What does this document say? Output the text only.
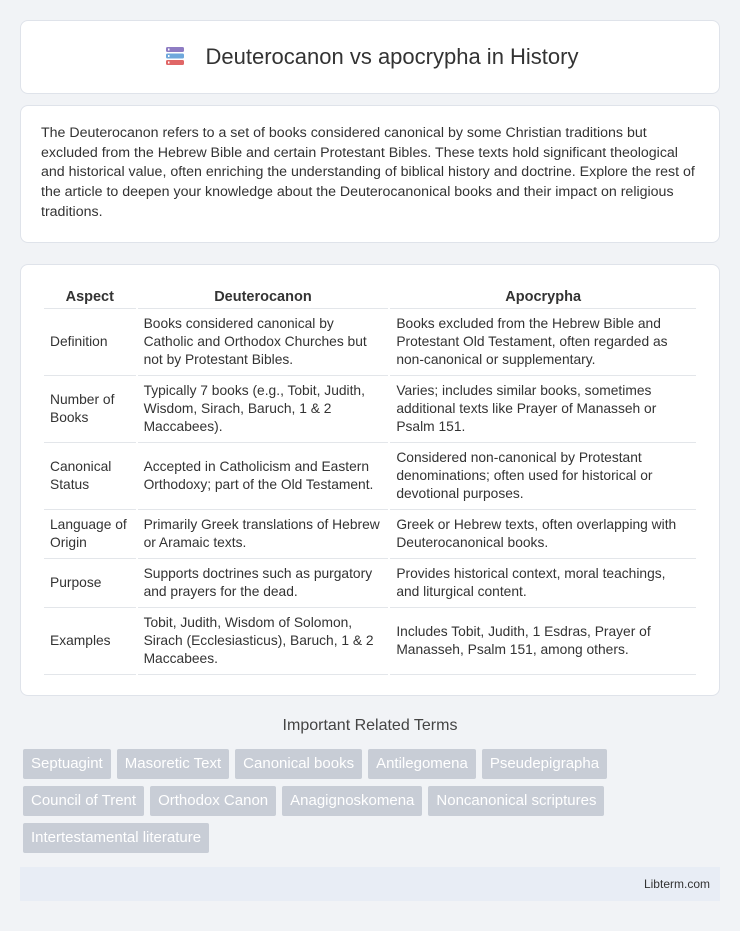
Deuterocanon vs apocrypha in History

The Deuterocanon refers to a set of books considered canonical by some Christian traditions but excluded from the Hebrew Bible and certain Protestant Bibles. These texts hold significant theological and historical value, often enriching the understanding of biblical history and doctrine. Explore the rest of the article to deepen your knowledge about the Deuterocanonical books and their impact on religious traditions.

Aspect	Deuterocanon	Apocrypha
Definition	Books considered canonical by Catholic and Orthodox Churches but not by Protestant Bibles.	Books excluded from the Hebrew Bible and Protestant Old Testament, often regarded as non-canonical or supplementary.
Number of Books	Typically 7 books (e.g., Tobit, Judith, Wisdom, Sirach, Baruch, 1 & 2 Maccabees).	Varies; includes similar books, sometimes additional texts like Prayer of Manasseh or Psalm 151.
Canonical Status	Accepted in Catholicism and Eastern Orthodoxy; part of the Old Testament.	Considered non-canonical by Protestant denominations; often used for historical or devotional purposes.
Language of Origin	Primarily Greek translations of Hebrew or Aramaic texts.	Greek or Hebrew texts, often overlapping with Deuterocanonical books.
Purpose	Supports doctrines such as purgatory and prayers for the dead.	Provides historical context, moral teachings, and liturgical content.
Examples	Tobit, Judith, Wisdom of Solomon, Sirach (Ecclesiasticus), Baruch, 1 & 2 Maccabees.	Includes Tobit, Judith, 1 Esdras, Prayer of Manasseh, Psalm 151, among others.
Important Related Terms
Septuagint	Masoretic Text	Canonical books	Antilegomena	Pseudepigrapha
Council of Trent	Orthodox Canon	Anagignoskomena	Noncanonical scriptures
Intertestamental literature
Libterm.com
